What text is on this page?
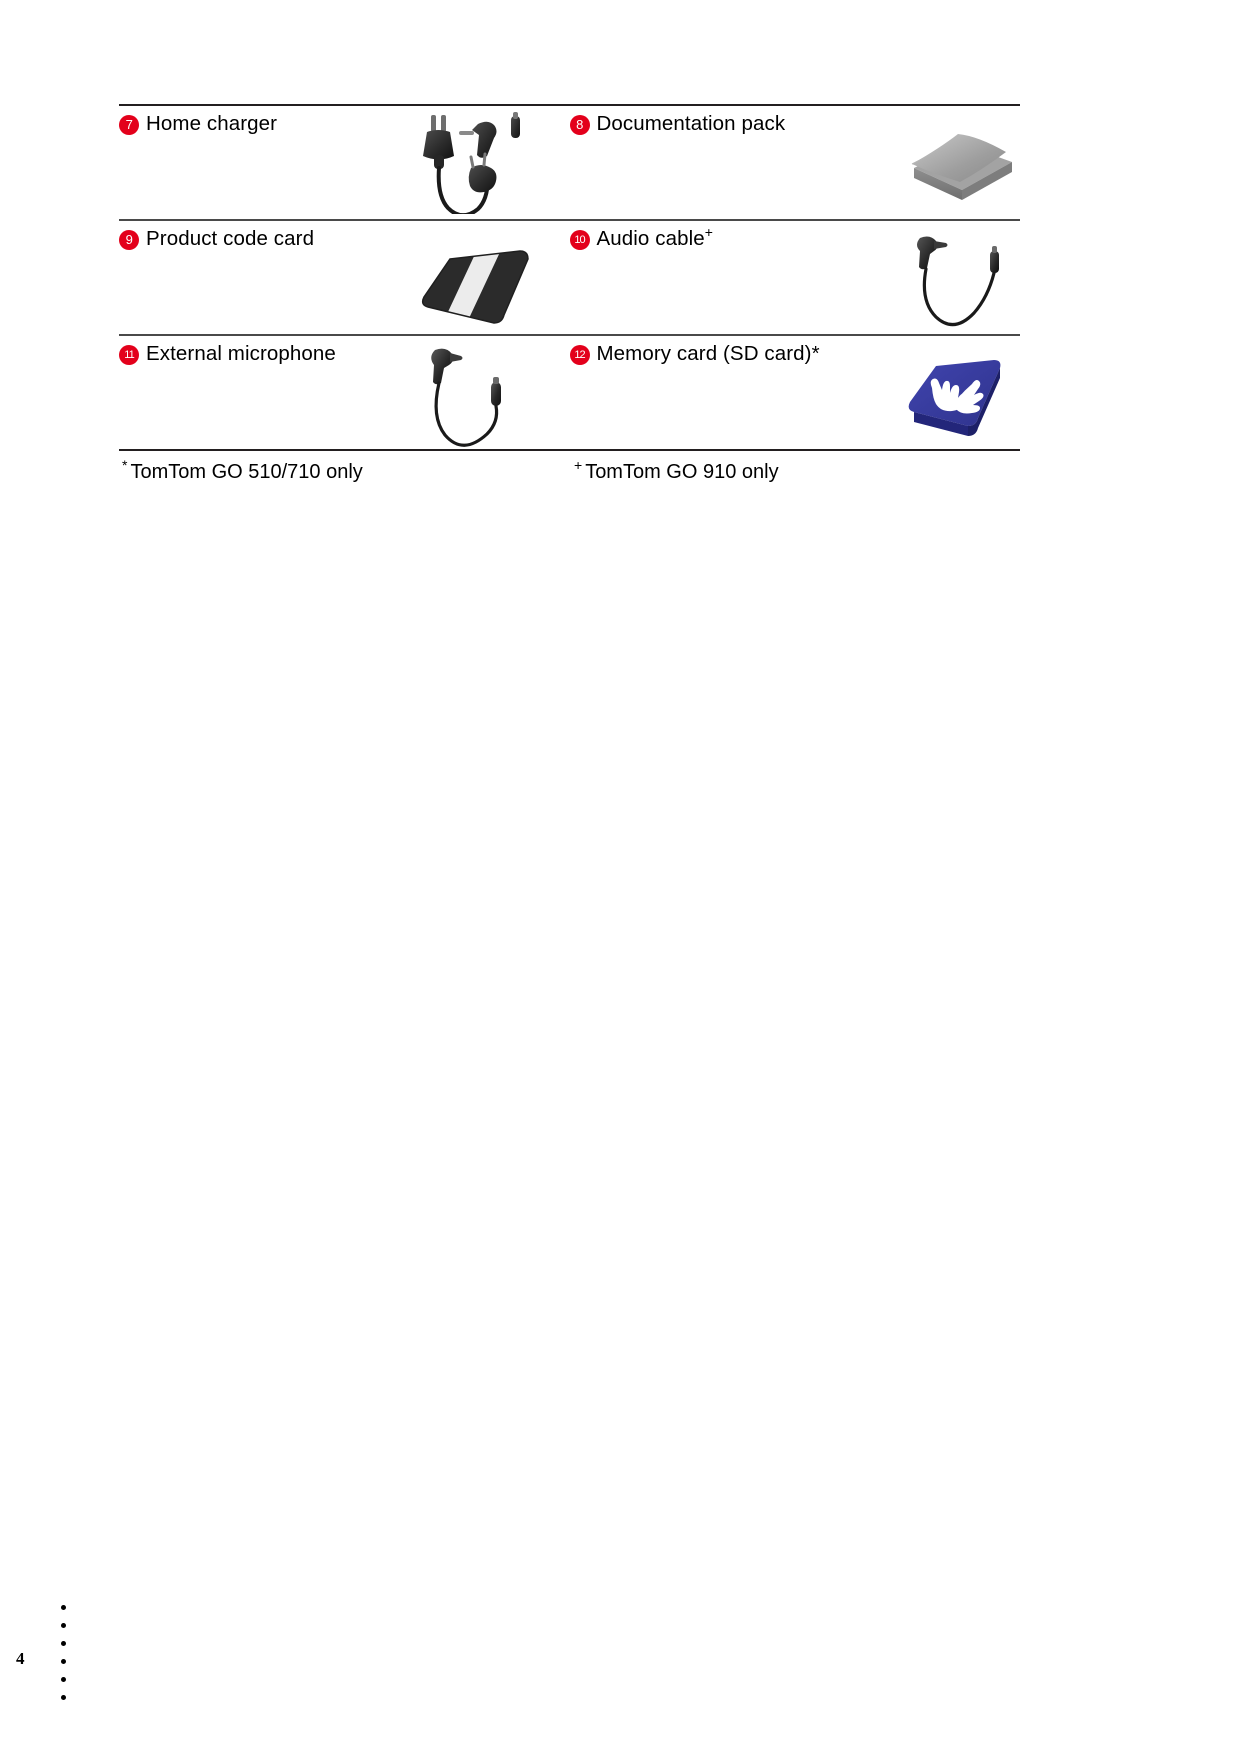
7 Home charger	8 Documentation pack
9 Product code card	10 Audio cable+
11 External microphone	12 Memory card (SD card)*
* TomTom GO 510/710 only	+ TomTom GO 910 only
4
